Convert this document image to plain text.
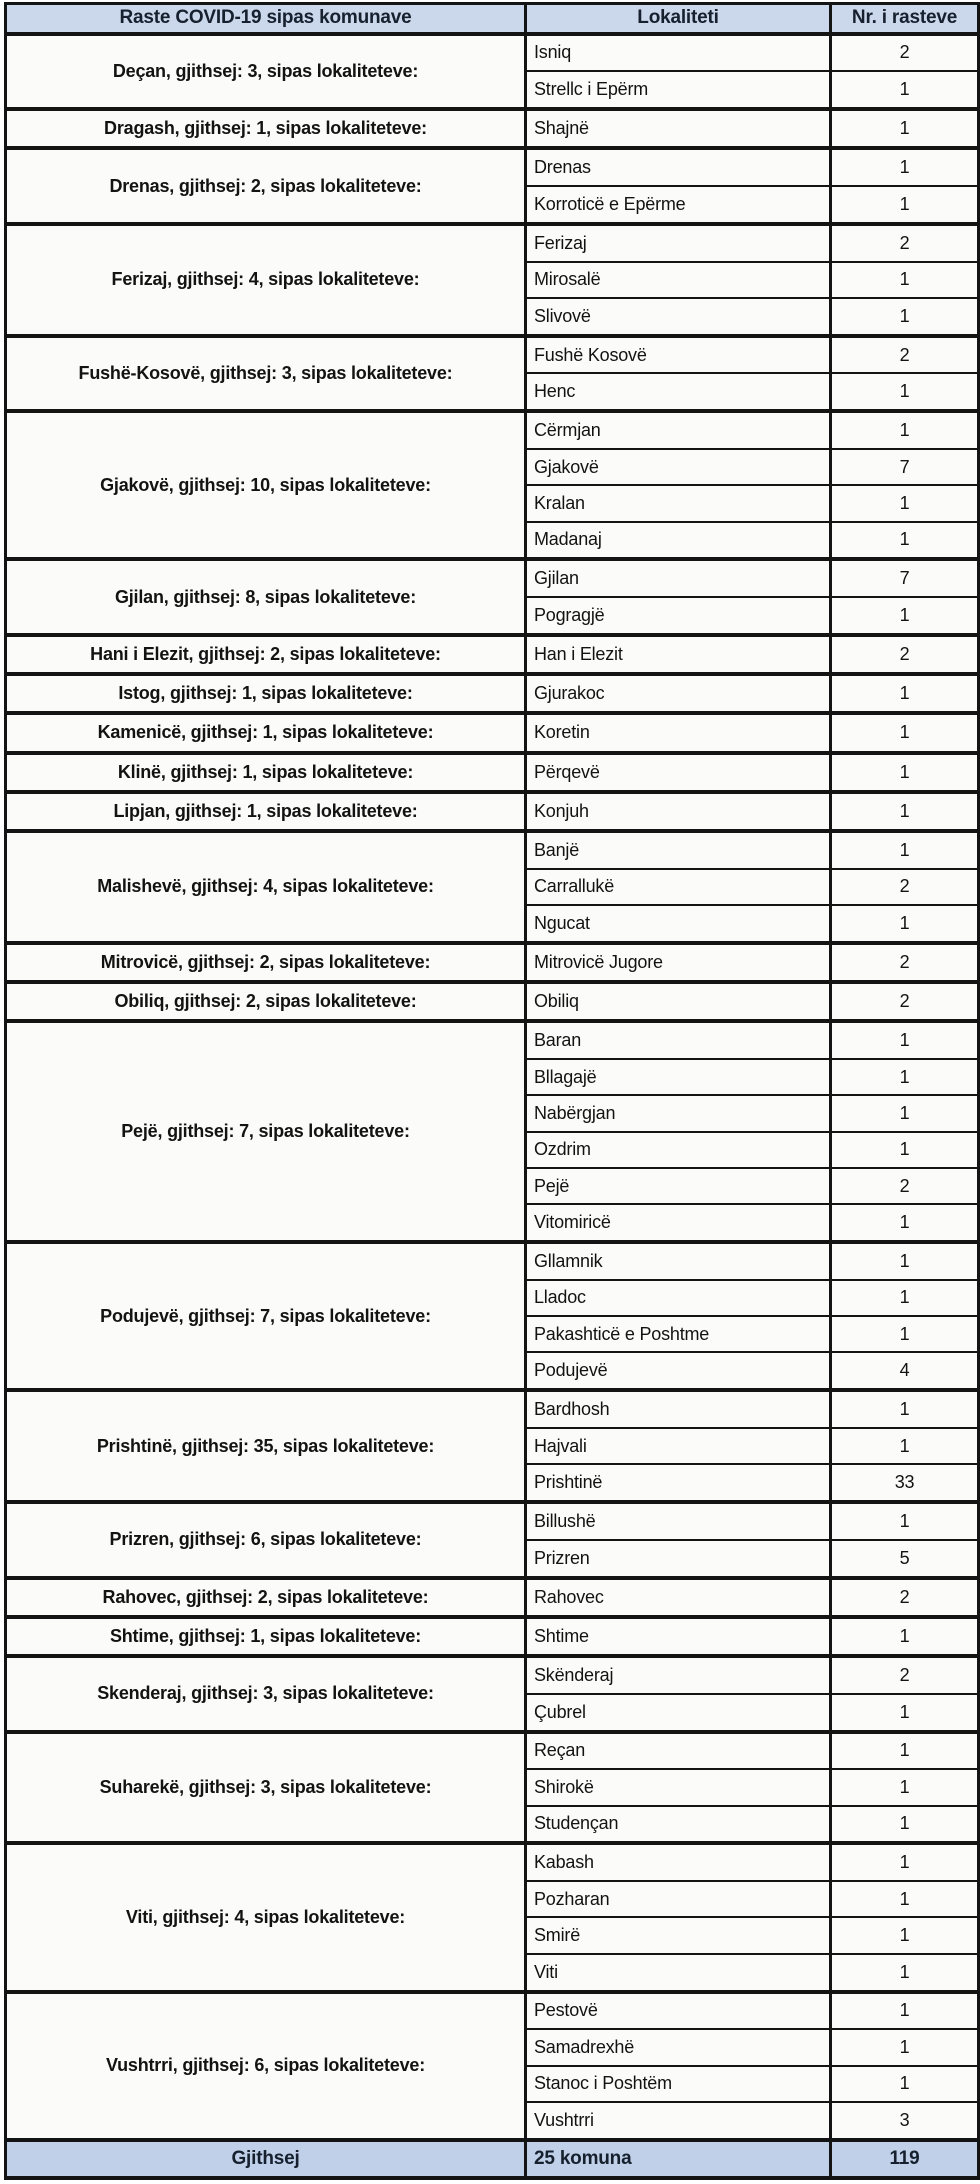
Raste COVID-19 sipas komunave	Lokaliteti	Nr. i rasteve
Deçan, gjithsej: 3, sipas lokaliteteve:	Isniq	2
	Strellc i Epërm	1
Dragash, gjithsej: 1, sipas lokaliteteve:	Shajnë	1
Drenas, gjithsej: 2, sipas lokaliteteve:	Drenas	1
	Korroticë e Epërme	1
Ferizaj, gjithsej: 4, sipas lokaliteteve:	Ferizaj	2
	Mirosalë	1
	Slivovë	1
Fushë-Kosovë, gjithsej: 3, sipas lokaliteteve:	Fushë Kosovë	2
	Henc	1
Gjakovë, gjithsej: 10, sipas lokaliteteve:	Cërmjan	1
	Gjakovë	7
	Kralan	1
	Madanaj	1
Gjilan, gjithsej: 8, sipas lokaliteteve:	Gjilan	7
	Pogragjë	1
Hani i Elezit, gjithsej: 2, sipas lokaliteteve:	Han i Elezit	2
Istog, gjithsej: 1, sipas lokaliteteve:	Gjurakoc	1
Kamenicë, gjithsej: 1, sipas lokaliteteve:	Koretin	1
Klinë, gjithsej: 1, sipas lokaliteteve:	Përqevë	1
Lipjan, gjithsej: 1, sipas lokaliteteve:	Konjuh	1
Malishevë, gjithsej: 4, sipas lokaliteteve:	Banjë	1
	Carrallukë	2
	Ngucat	1
Mitrovicë, gjithsej: 2, sipas lokaliteteve:	Mitrovicë Jugore	2
Obiliq, gjithsej: 2, sipas lokaliteteve:	Obiliq	2
Pejë, gjithsej: 7, sipas lokaliteteve:	Baran	1
	Bllagajë	1
	Nabërgjan	1
	Ozdrim	1
	Pejë	2
	Vitomiricë	1
Podujevë, gjithsej: 7, sipas lokaliteteve:	Gllamnik	1
	Lladoc	1
	Pakashticë e Poshtme	1
	Podujevë	4
Prishtinë, gjithsej: 35, sipas lokaliteteve:	Bardhosh	1
	Hajvali	1
	Prishtinë	33
Prizren, gjithsej: 6, sipas lokaliteteve:	Billushë	1
	Prizren	5
Rahovec, gjithsej: 2, sipas lokaliteteve:	Rahovec	2
Shtime, gjithsej: 1, sipas lokaliteteve:	Shtime	1
Skenderaj, gjithsej: 3, sipas lokaliteteve:	Skënderaj	2
	Çubrel	1
Suharekë, gjithsej: 3, sipas lokaliteteve:	Reçan	1
	Shirokë	1
	Studençan	1
Viti, gjithsej: 4, sipas lokaliteteve:	Kabash	1
	Pozharan	1
	Smirë	1
	Viti	1
Vushtrri, gjithsej: 6, sipas lokaliteteve:	Pestovë	1
	Samadrexhë	1
	Stanoc i Poshtëm	1
	Vushtrri	3
Gjithsej	25 komuna	119
